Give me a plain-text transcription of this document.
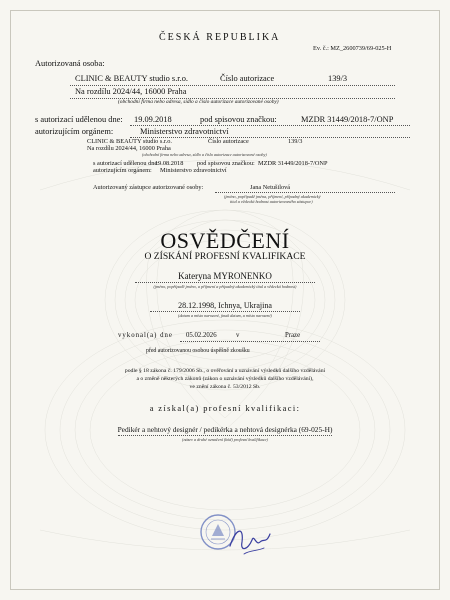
ČESKÁ REPUBLIKA
Ev. č.: MZ_2600739/69-025-H
Autorizovaná osoba:
CLINIC & BEAUTY studio s.r.o.	Číslo autorizace	139/3
Na rozdílu 2024/44, 16000 Praha
(obchodní firma nebo adresa, sídlo a číslo autorizace autorizované osoby)
s autorizací udělenou dne: 19.09.2018	pod spisovou značkou:	MZDR 31449/2018-7/ONP
autorizujícím orgánem:	Ministerstvo zdravotnictví
CLINIC & BEAUTY studio s.r.o.	Číslo autorizace	139/3
Na rozdílu 2024/44, 16000 Praha
(obchodní firma nebo adresa, sídlo a číslo autorizace autorizované osoby)
s autorizací udělenou dne:
19.08.2018 pod spisovou značkou: MZDR 31449/2018-7/ONP
autorizujícím orgánem: Ministerstvo zdravotnictví
Autorizovaný zástupce autorizované osoby:	Jana Netušilová
(jméno, popřípadě jména, příjmení, případný akademický
titul a vědecká hodnost autorizovaného zástupce)
OSVĚDČENÍ
O ZÍSKÁNÍ PROFESNÍ KVALIFIKACE
Kateryna MYRONENKO
(jméno, popřípadě jméno, a příjmení a případný akademický titul a vědecká hodnost)
28.12.1998, Ichnya, Ukrajina
(datum a místo narození, jinak datum, a místo narození)
vykonal(a) dne 05.02.2026	v	Praze
před autorizovanou osobou úspěšně zkoušku
podle § 18 zákona č. 179/2006 Sb., o ověřování a uznávání výsledků dalšího vzdělávání
a o změně některých zákonů (zákon o uznávání výsledků dalšího vzdělávání),
ve znění zákona č. 53/2012 Sb.
a získal(a) profesní kvalifikaci:
Pedikér a nehtový designér / pedikérka a nehtová designérka (69-025-H)
(název a druhé označení (kód) profesní kvalifikace)
